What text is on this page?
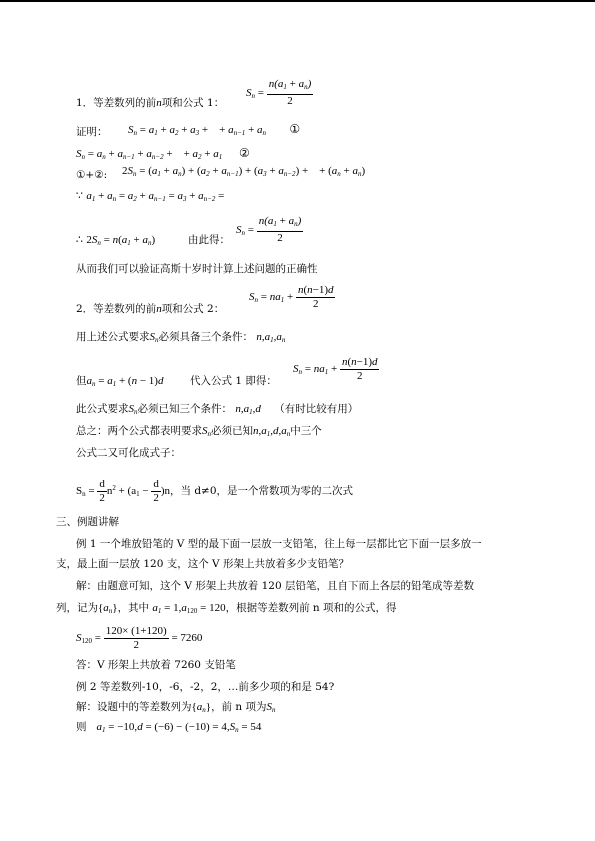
1．等差数列的前n项和公式 1：
$S_n = \frac{n(a_1 + a_n)}{2}$
证明： $S_n = a_1 + a_2 + a_3$ +    + $a_{n-1} + a_n$ ①
$S_n = a_n + a_{n-1} + a_{n-2}$ +    + $a_2 + a_1$ ②
①+②: $2S_n = (a_1 + a_n) + (a_2 + a_{n-1}) + (a_3 + a_{n-2})$ +    + $(a_n + a_n)$
∵ $a_1 + a_n = a_2 + a_{n-1} = a_3 + a_{n-2}$ =
∴ $2S_n = n(a_1 + a_n)$	由此得：
$S_n = \frac{n(a_1 + a_n)}{2}$
从而我们可以验证高斯十岁时计算上述问题的正确性
2．等差数列的前n项和公式 2：
$S_n = na_1 + \frac{n(n-1)d}{2}$
用上述公式要求$S_n$必须具备三个条件： $n,a_1,a_n$
但$a_n = a_1 + (n - 1)d$	代入公式 1 即得：
$S_n = na_1 + \frac{n(n-1)d}{2}$
此公式要求$S_n$必须已知三个条件： $n,a_1,d$ （有时比较有用）
总之：两个公式都表明要求$S_n$必须已知$n,a_1,d,a_n$中三个
公式二又可化成式子：
$S_n = \frac{d}{2} n^2 + (a_1 - \frac{d}{2} )n$，当 d≠0，是一个常数项为零的二次式
三、例题讲解
例 1 一个堆放铅笔的 V 型的最下面一层放一支铅笔，往上每一层都比它下面一层多放一
支，最上面一层放 120 支，这个 V 形架上共放着多少支铅笔？
解：由题意可知，这个 V 形架上共放着 120 层铅笔，且自下而上各层的铅笔成等差数
列，记为$\{a_n\}$，其中 $a_1 = 1,a_{120} = 120$，根据等差数列前 n 项和的公式，得
$S_{120} = \frac{120\times (1+120)}{2} = 7260$
答：V 形架上共放着 7260 支铅笔
例 2 等差数列-10，-6，-2，2，…前多少项的和是 54?
解：设题中的等差数列为$\{a_n\}$，前 n 项为$S_n$
则 $a_1 = -10,d = (-6) - (-10) = 4,S_n = 54$
